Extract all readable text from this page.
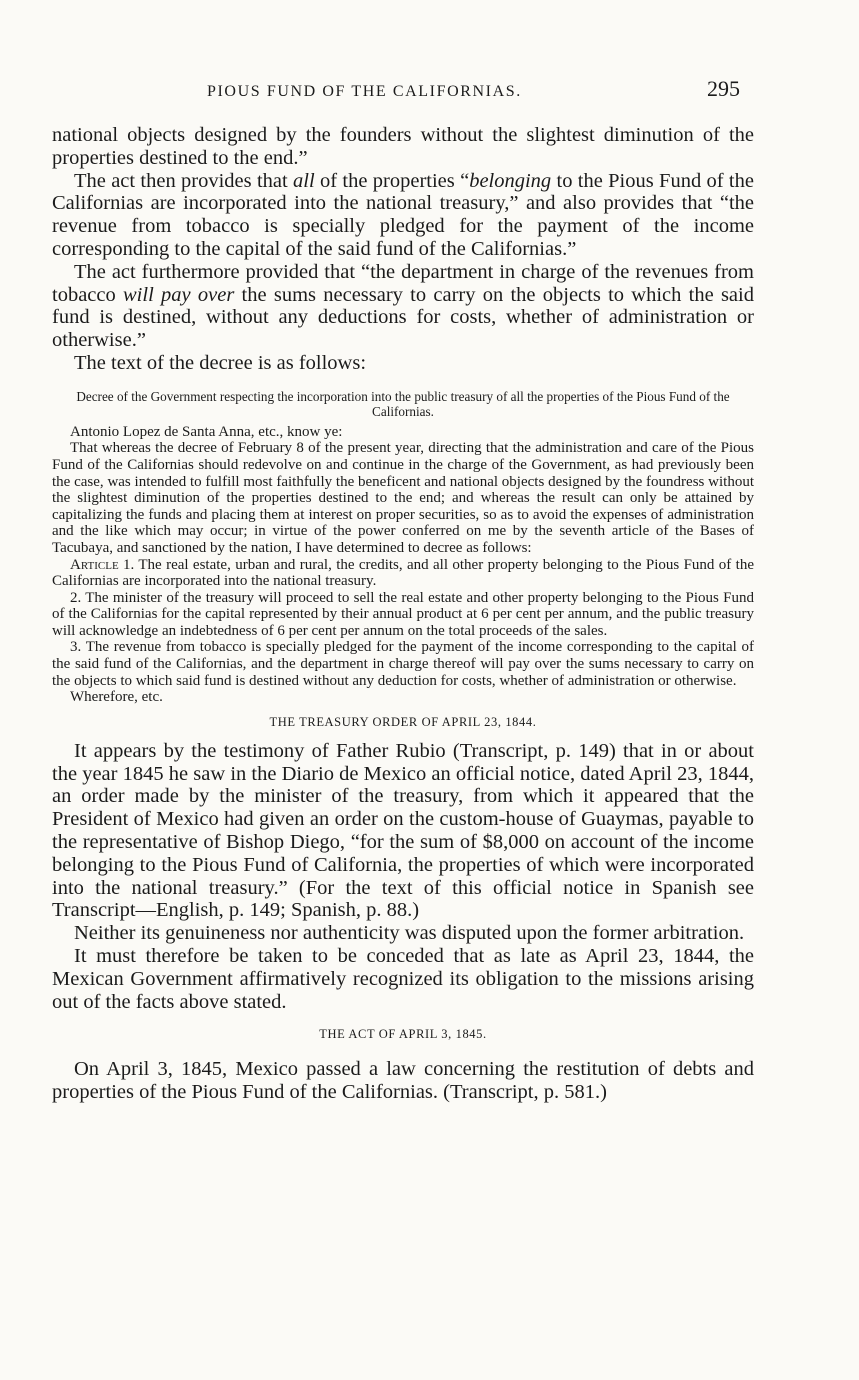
PIOUS FUND OF THE CALIFORNIAS.	295

national objects designed by the founders without the slightest diminution of the properties destined to the end.”

The act then provides that all of the properties “belonging to the Pious Fund of the Californias are incorporated into the national treasury,” and also provides that “the revenue from tobacco is specially pledged for the payment of the income corresponding to the capital of the said fund of the Californias.”

The act furthermore provided that “the department in charge of the revenues from tobacco will pay over the sums necessary to carry on the objects to which the said fund is destined, without any deductions for costs, whether of administration or otherwise.”

The text of the decree is as follows:

Decree of the Government respecting the incorporation into the public treasury of all the properties of the Pious Fund of the Californias.

Antonio Lopez de Santa Anna, etc., know ye:

That whereas the decree of February 8 of the present year, directing that the administration and care of the Pious Fund of the Californias should redevolve on and continue in the charge of the Government, as had previously been the case, was intended to fulfill most faithfully the beneficent and national objects designed by the foundress without the slightest diminution of the properties destined to the end; and whereas the result can only be attained by capitalizing the funds and placing them at interest on proper securities, so as to avoid the expenses of administration and the like which may occur; in virtue of the power conferred on me by the seventh article of the Bases of Tacubaya, and sanctioned by the nation, I have determined to decree as follows:

Article 1. The real estate, urban and rural, the credits, and all other property belonging to the Pious Fund of the Californias are incorporated into the national treasury.

2. The minister of the treasury will proceed to sell the real estate and other property belonging to the Pious Fund of the Californias for the capital represented by their annual product at 6 per cent per annum, and the public treasury will acknowledge an indebtedness of 6 per cent per annum on the total proceeds of the sales.

3. The revenue from tobacco is specially pledged for the payment of the income corresponding to the capital of the said fund of the Californias, and the department in charge thereof will pay over the sums necessary to carry on the objects to which said fund is destined without any deduction for costs, whether of administration or otherwise.

Wherefore, etc.

THE TREASURY ORDER OF APRIL 23, 1844.

It appears by the testimony of Father Rubio (Transcript, p. 149) that in or about the year 1845 he saw in the Diario de Mexico an official notice, dated April 23, 1844, an order made by the minister of the treasury, from which it appeared that the President of Mexico had given an order on the custom-house of Guaymas, payable to the representative of Bishop Diego, “for the sum of $8,000 on account of the income belonging to the Pious Fund of California, the properties of which were incorporated into the national treasury.” (For the text of this official notice in Spanish see Transcript—English, p. 149; Spanish, p. 88.)

Neither its genuineness nor authenticity was disputed upon the former arbitration.

It must therefore be taken to be conceded that as late as April 23, 1844, the Mexican Government affirmatively recognized its obligation to the missions arising out of the facts above stated.

THE ACT OF APRIL 3, 1845.

On April 3, 1845, Mexico passed a law concerning the restitution of debts and properties of the Pious Fund of the Californias. (Transcript, p. 581.)
